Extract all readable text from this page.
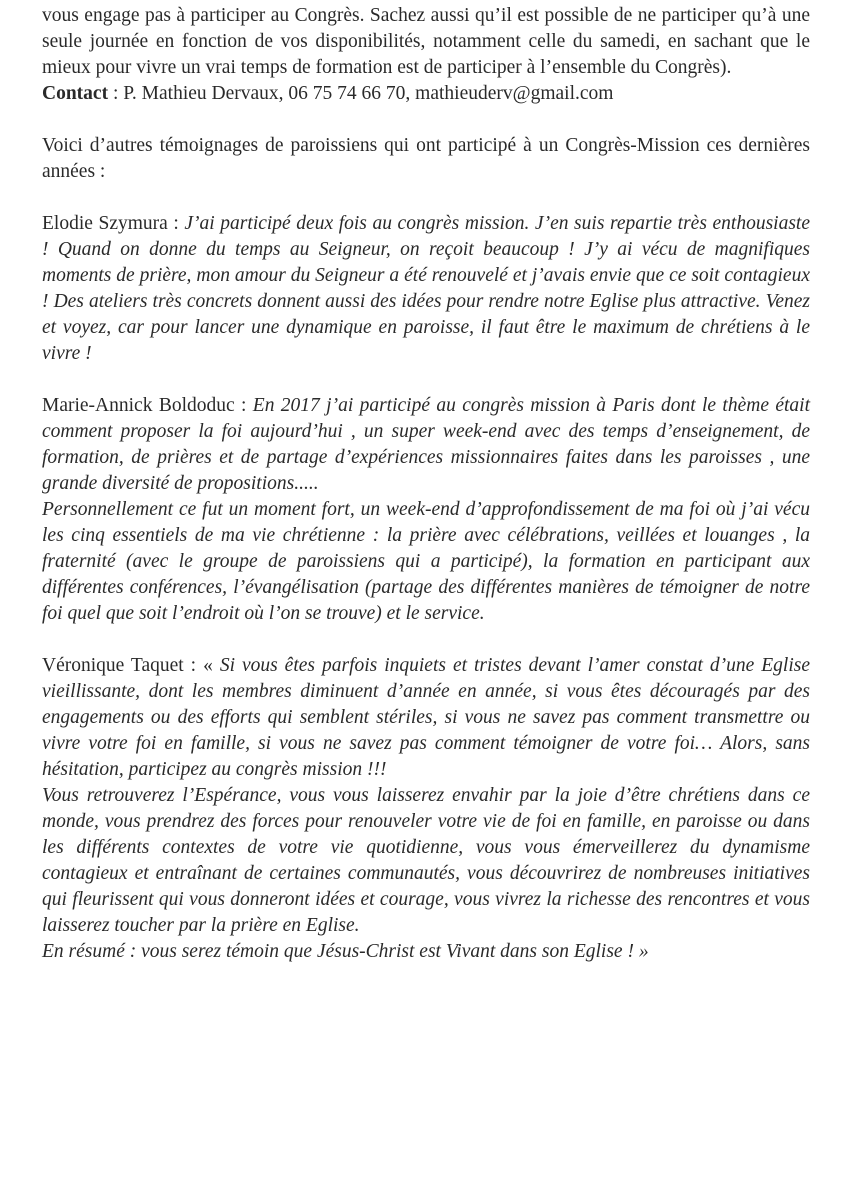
vous engage pas à participer au Congrès. Sachez aussi qu’il est possible de ne participer qu’à une seule journée en fonction de vos disponibilités, notamment celle du samedi, en sachant que le mieux pour vivre un vrai temps de formation est de participer à l’ensemble du Congrès).

Contact : P. Mathieu Dervaux, 06 75 74 66 70, mathieuderv@gmail.com

Voici d’autres témoignages de paroissiens qui ont participé à un Congrès-Mission ces dernières années :

Elodie Szymura : J’ai participé deux fois au congrès mission. J’en suis repartie très enthousiaste ! Quand on donne du temps au Seigneur, on reçoit beaucoup ! J’y ai vécu de magnifiques moments de prière, mon amour du Seigneur a été renouvelé et j’avais envie que ce soit contagieux ! Des ateliers très concrets donnent aussi des idées pour rendre notre Eglise plus attractive. Venez et voyez, car pour lancer une dynamique en paroisse, il faut être le maximum de chrétiens à le vivre !

Marie-Annick Boldoduc : En 2017 j’ai participé au congrès mission à Paris dont le thème était comment proposer la foi aujourd’hui , un super week-end avec des temps d’enseignement, de formation, de prières et de partage d’expériences missionnaires faites dans les paroisses , une grande diversité de propositions.....

Personnellement ce fut un moment fort, un week-end d’approfondissement de ma foi où j’ai vécu les cinq essentiels de ma vie chrétienne : la prière avec célébrations, veillées et louanges , la fraternité (avec le groupe de paroissiens qui a participé), la formation en participant aux différentes conférences, l’évangélisation (partage des différentes manières de témoigner de notre foi quel que soit l’endroit où l’on se trouve) et le service.

Véronique Taquet : « Si vous êtes parfois inquiets et tristes devant l’amer constat d’une Eglise vieillissante, dont les membres diminuent d’année en année, si vous êtes découragés par des engagements ou des efforts qui semblent stériles, si vous ne savez pas comment transmettre ou vivre votre foi en famille, si vous ne savez pas comment témoigner de votre foi… Alors, sans hésitation, participez au congrès mission !!!

Vous retrouverez l’Espérance, vous vous laisserez envahir par la joie d’être chrétiens dans ce monde, vous prendrez des forces pour renouveler votre vie de foi en famille, en paroisse ou dans les différents contextes de votre vie quotidienne, vous vous émerveillerez du dynamisme contagieux et entraînant de certaines communautés, vous découvrirez de nombreuses initiatives qui fleurissent qui vous donneront idées et courage, vous vivrez la richesse des rencontres et vous laisserez toucher par la prière en Eglise.

En résumé : vous serez témoin que Jésus-Christ est Vivant dans son Eglise ! »
